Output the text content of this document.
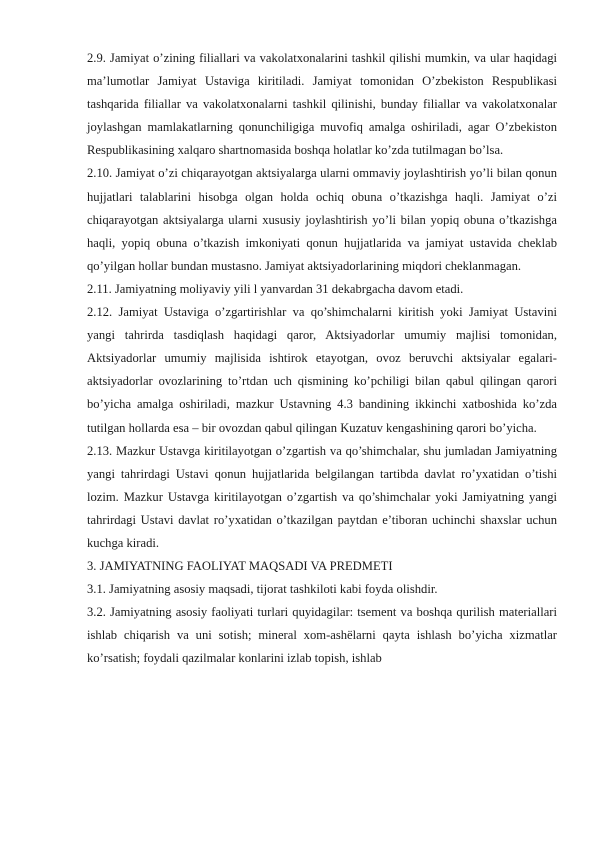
2.9. Jamiyat o’zining filiallari va vakolatxonalarini tashkil qilishi mumkin, va ular haqidagi ma’lumotlar Jamiyat Ustaviga kiritiladi. Jamiyat tomonidan O’zbekiston Respublikasi tashqarida filiallar va vakolatxonalarni tashkil qilinishi, bunday filiallar va vakolatxonalar joylashgan mamlakatlarning qonunchiligiga muvofiq amalga oshiriladi, agar O’zbekiston Respublikasining xalqaro shartnomasida boshqa holatlar ko’zda tutilmagan bo’lsa.

2.10. Jamiyat o’zi chiqarayotgan aktsiyalarga ularni ommaviy joylashtirish yo’li bilan qonun hujjatlari talablarini hisobga olgan holda ochiq obuna o’tkazishga haqli. Jamiyat o’zi chiqarayotgan aktsiyalarga ularni xususiy joylashtirish yo’li bilan yopiq obuna o’tkazishga haqli, yopiq obuna o’tkazish imkoniyati qonun hujjatlarida va jamiyat ustavida cheklab qo’yilgan hollar bundan mustasno. Jamiyat aktsiyadorlarining miqdori cheklanmagan.

2.11. Jamiyatning moliyaviy yili l yanvardan 31 dekabrgacha davom etadi.

2.12. Jamiyat Ustaviga o’zgartirishlar va qo’shimchalarni kiritish yoki Jamiyat Ustavini yangi tahrirda tasdiqlash haqidagi qaror, Aktsiyadorlar umumiy majlisi tomonidan, Aktsiyadorlar umumiy majlisida ishtirok etayotgan, ovoz beruvchi aktsiyalar egalari-aktsiyadorlar ovozlarining to’rtdan uch qismining ko’pchiligi bilan qabul qilingan qarori bo’yicha amalga oshiriladi, mazkur Ustavning 4.3 bandining ikkinchi xatboshida ko’zda tutilgan hollarda esa – bir ovozdan qabul qilingan Kuzatuv kengashining qarori bo’yicha.

2.13. Mazkur Ustavga kiritilayotgan o’zgartish va qo’shimchalar, shu jumladan Jamiyatning yangi tahrirdagi Ustavi qonun hujjatlarida belgilangan tartibda davlat ro’yxatidan o’tishi lozim. Mazkur Ustavga kiritilayotgan o’zgartish va qo’shimchalar yoki Jamiyatning yangi tahrirdagi Ustavi davlat ro’yxatidan o’tkazilgan paytdan e’tiboran uchinchi shaxslar uchun kuchga kiradi.

3. JAMIYATNING FAOLIYAT MAQSADI VA PREDMETI

3.1. Jamiyatning asosiy maqsadi, tijorat tashkiloti kabi foyda olishdir.

3.2. Jamiyatning asosiy faoliyati turlari quyidagilar: tsement va boshqa qurilish materiallari ishlab chiqarish va uni sotish; mineral xom-ashёlarni qayta ishlash bo’yicha xizmatlar ko’rsatish; foydali qazilmalar konlarini izlab topish, ishlab
